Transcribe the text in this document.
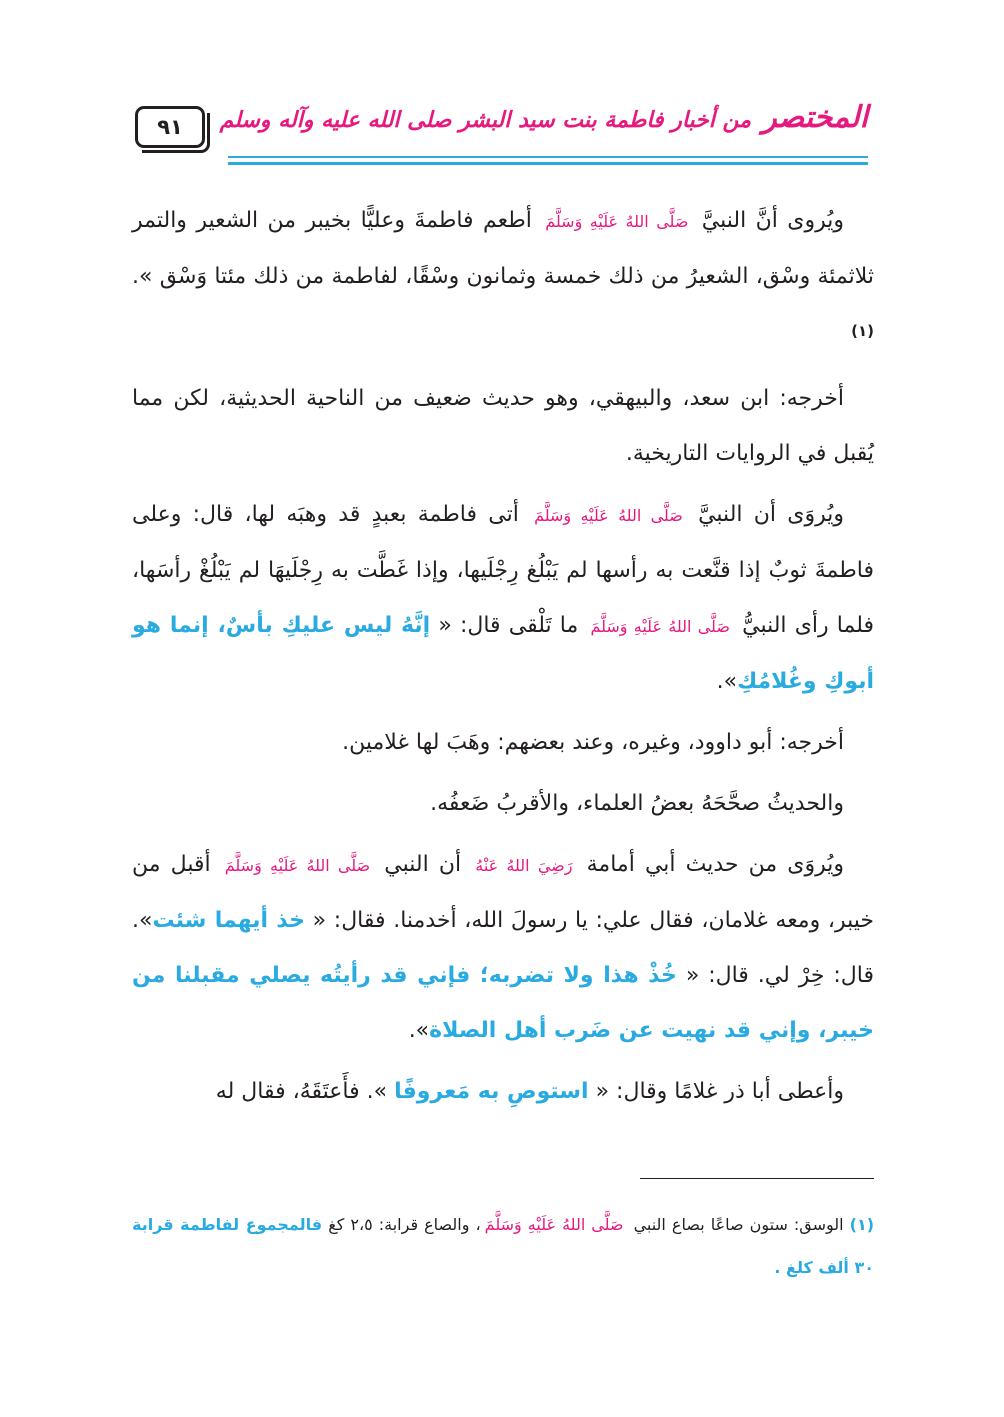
٩١	المختصر من أخبار فاطمة بنت سيد البشر صلى الله عليه وآله وسلم

ويُروى أنَّ النبيَّ صَلَّى اللهُ عَلَيْهِ وَسَلَّمَ أطعم فاطمةَ وعليًّا بخيبر من الشعير والتمر ثلاثمئة وسْق، الشعيرُ من ذلك خمسة وثمانون وسْقًا، لفاطمة من ذلك مئتا وَسْق ». $^{(١)}$

أخرجه: ابن سعد، والبيهقي، وهو حديث ضعيف من الناحية الحديثية، لكن مما يُقبل في الروايات التاريخية.

ويُروَى أن النبيَّ صَلَّى اللهُ عَلَيْهِ وَسَلَّمَ أتى فاطمة بعبدٍ قد وهبَه لها، قال: وعلى فاطمةَ ثوبٌ إذا قنَّعت به رأسها لم يَبْلُغ رِجْلَيها، وإذا غَطَّت به رِجْلَيهَا لم يَبْلُغْ رأسَها، فلما رأى النبيُّ صَلَّى اللهُ عَلَيْهِ وَسَلَّمَ ما تَلْقى قال: « إنَّهُ ليس عليكِ بأسٌ، إنما هو أبوكِ وغُلامُكِ».

أخرجه: أبو داوود، وغيره، وعند بعضهم: وهَبَ لها غلامين.

والحديثُ صحَّحَهُ بعضُ العلماء، والأقربُ ضَعفُه.

ويُروَى من حديث أبي أمامة رَضِيَ اللهُ عَنْهُ أن النبي صَلَّى اللهُ عَلَيْهِ وَسَلَّمَ أقبل من خيبر، ومعه غلامان، فقال علي: يا رسولَ الله، أخدمنا. فقال: « خذ أيهما شئت». قال: خِرْ لي. قال: « خُذْ هذا ولا تضربه؛ فإني قد رأيتُه يصلي مقبلنا من خيبر، وإني قد نهيت عن ضَرب أهل الصلاة».

وأعطى أبا ذر غلامًا وقال: « استوصِ به مَعروفًا ». فأَعتَقَهُ، فقال له

(١) الوسق: ستون صاعًا بصاع النبي صَلَّى اللهُ عَلَيْهِ وَسَلَّمَ، والصاع قرابة: ٢،٥ كغ فالمجموع لفاطمة قرابة ٣٠ ألف كلغ .
